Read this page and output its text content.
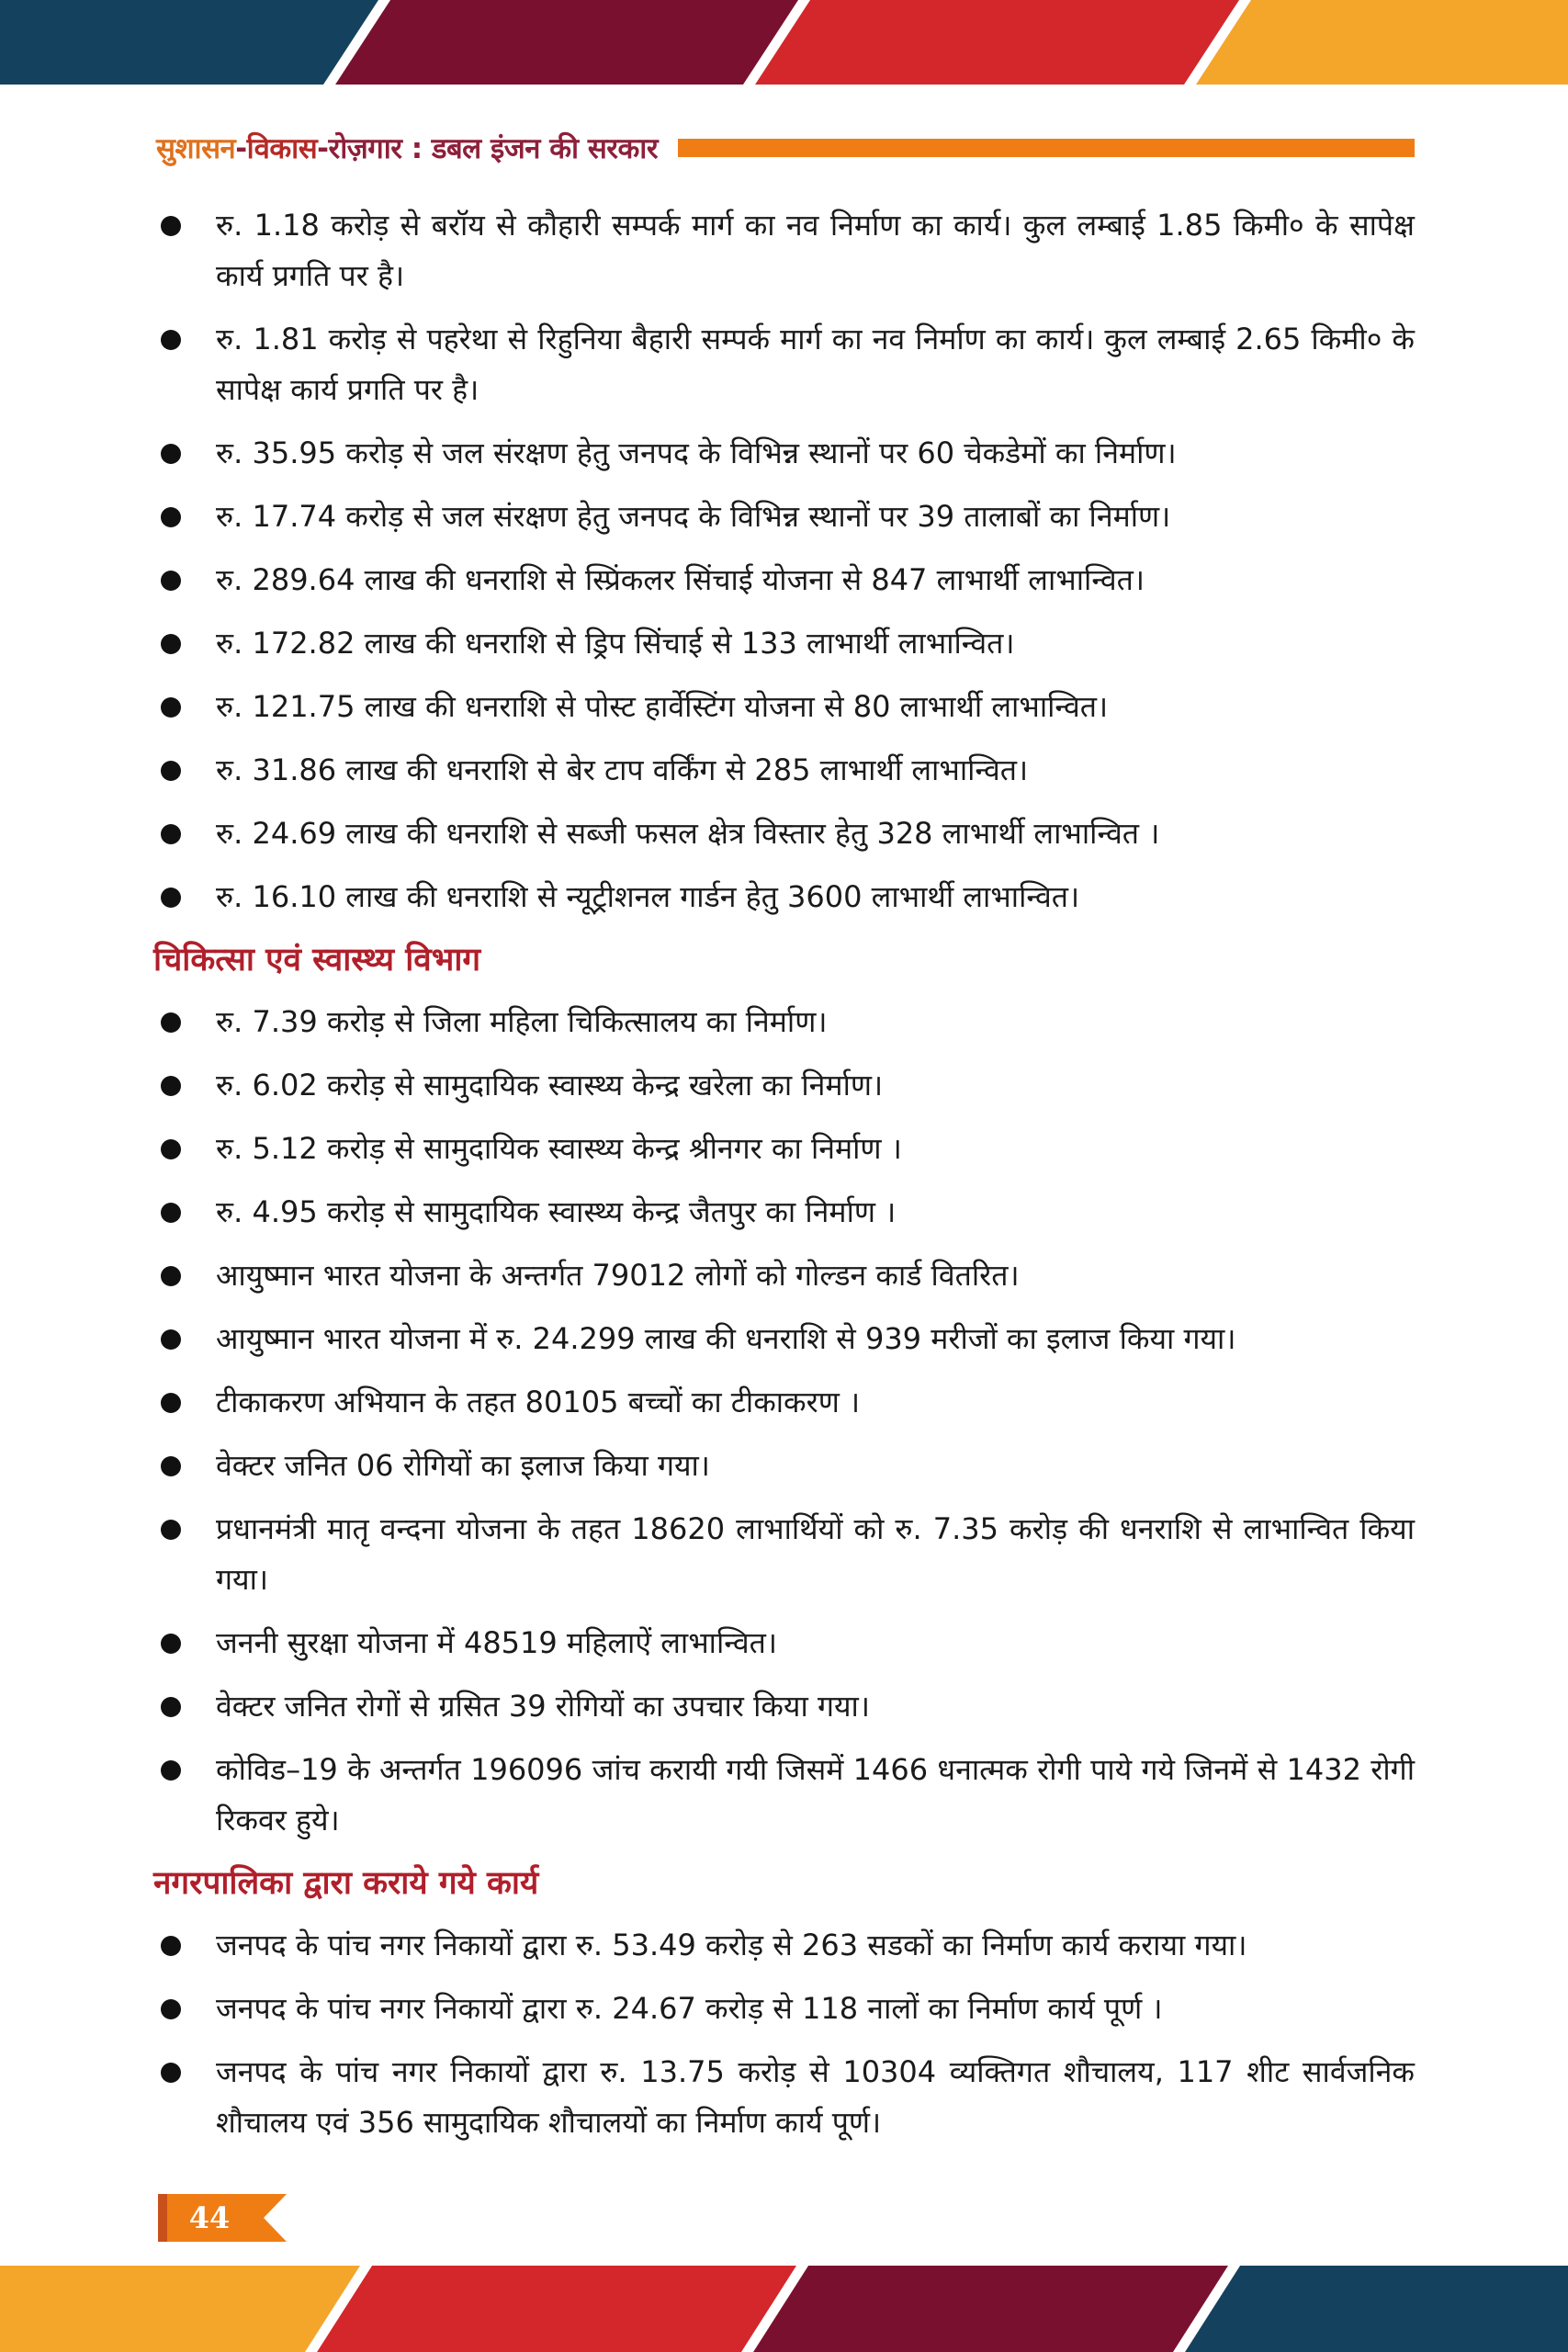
सुशासन-विकास-रोज़गार : डबल इंजन की सरकार
रु. 1.18 करोड़ से बरॉय से कौहारी सम्पर्क मार्ग का नव निर्माण का कार्य। कुल लम्बाई 1.85 किमी० के सापेक्ष कार्य प्रगति पर है।
रु. 1.81 करोड़ से पहरेथा से रिहुनिया बैहारी सम्पर्क मार्ग का नव निर्माण का कार्य। कुल लम्बाई 2.65 किमी० के सापेक्ष कार्य प्रगति पर है।
रु. 35.95 करोड़ से जल संरक्षण हेतु जनपद के विभिन्न स्थानों पर 60 चेकडेमों का निर्माण।
रु. 17.74 करोड़ से जल संरक्षण हेतु जनपद के विभिन्न स्थानों पर 39 तालाबों का निर्माण।
रु. 289.64 लाख की धनराशि से स्प्रिंकलर सिंचाई योजना से 847 लाभार्थी लाभान्वित।
रु. 172.82 लाख की धनराशि से ड्रिप सिंचाई से 133 लाभार्थी लाभान्वित।
रु. 121.75 लाख की धनराशि से पोस्ट हार्वेस्टिंग योजना से 80 लाभार्थी लाभान्वित।
रु. 31.86 लाख की धनराशि से बेर टाप वर्किंग से 285 लाभार्थी लाभान्वित।
रु. 24.69 लाख की धनराशि से सब्जी फसल क्षेत्र विस्तार हेतु 328 लाभार्थी लाभान्वित ।
रु. 16.10 लाख की धनराशि से न्यूट्रीशनल गार्डन हेतु 3600 लाभार्थी लाभान्वित।
चिकित्सा एवं स्वास्थ्य विभाग
रु. 7.39 करोड़ से जिला महिला चिकित्सालय का निर्माण।
रु. 6.02 करोड़ से सामुदायिक स्वास्थ्य केन्द्र खरेला का निर्माण।
रु. 5.12 करोड़ से सामुदायिक स्वास्थ्य केन्द्र श्रीनगर का निर्माण ।
रु. 4.95 करोड़ से सामुदायिक स्वास्थ्य केन्द्र जैतपुर का निर्माण ।
आयुष्मान भारत योजना के अन्तर्गत 79012 लोगों को गोल्डन कार्ड वितरित।
आयुष्मान भारत योजना में रु. 24.299 लाख की धनराशि से 939 मरीजों का इलाज किया गया।
टीकाकरण अभियान के तहत 80105 बच्चों का टीकाकरण ।
वेक्टर जनित 06 रोगियों का इलाज किया गया।
प्रधानमंत्री मातृ वन्दना योजना के तहत 18620 लाभार्थियों को रु. 7.35 करोड़ की धनराशि से लाभान्वित किया गया।
जननी सुरक्षा योजना में 48519 महिलाऐं लाभान्वित।
वेक्टर जनित रोगों से ग्रसित 39 रोगियों का उपचार किया गया।
कोविड–19 के अन्तर्गत 196096 जांच करायी गयी जिसमें 1466 धनात्मक रोगी पाये गये जिनमें से 1432 रोगी रिकवर हुये।
नगरपालिका द्वारा कराये गये कार्य
जनपद के पांच नगर निकायों द्वारा रु. 53.49 करोड़ से 263 सडकों का निर्माण कार्य कराया गया।
जनपद के पांच नगर निकायों द्वारा रु. 24.67 करोड़ से 118 नालों का निर्माण कार्य पूर्ण ।
जनपद के पांच नगर निकायों द्वारा रु. 13.75 करोड़ से 10304 व्यक्तिगत शौचालय, 117 शीट सार्वजनिक शौचालय एवं 356 सामुदायिक शौचालयों का निर्माण कार्य पूर्ण।
44
